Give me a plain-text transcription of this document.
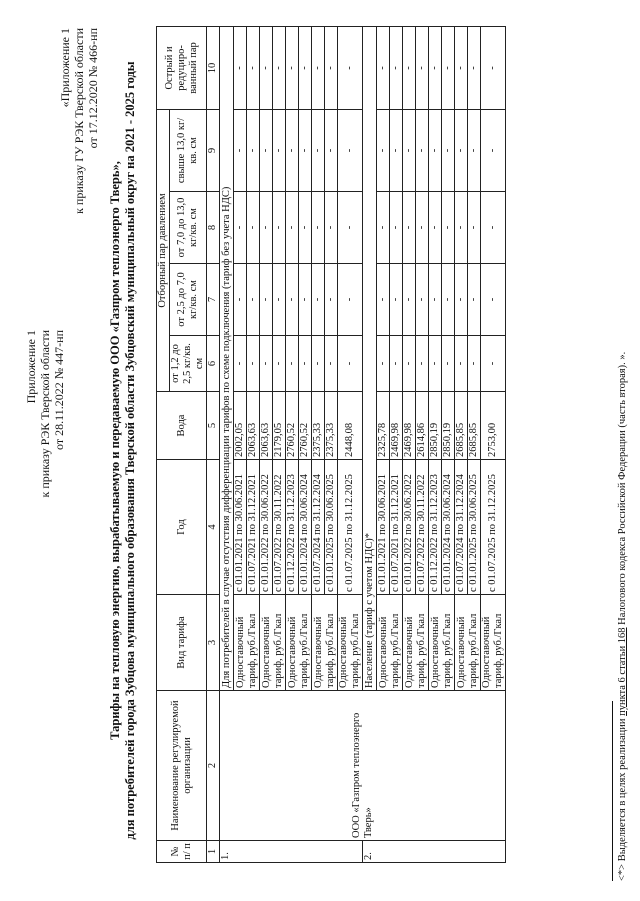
Приложение 1 к приказу РЭК Тверской области от 28.11.2022 № 447-нп
«Приложение 1 к приказу ГУ РЭК Тверской области от 17.12.2020 № 466-нп
Тарифы на тепловую энергию, вырабатываемую и передаваемую ООО «Газпром теплоэнерго Тверь», для потребителей города Зубцова муниципального образования Тверской области Зубцовский муниципальный округ на 2021 - 2025 годы
№ п/ п	Наименование регулируемой организации	Вид тарифа	Год	Вода	Отборный пар давлением				Острый и редуциро- ванный пар
					от 1,2 до 2,5 кг/кв. см	от 2,5 до 7,0 кг/кв. см	от 7,0 до 13,0 кг/кв. см	свыше 13,0 кг/кв. см	
1	2	3	4	5	6	7	8	9	10
1.	ООО «Газпром теплоэнерго Тверь»	Для потребителей в случае отсутствия дифференциации тарифов по схеме подключения (тариф без учета НДС)							
		Одноставочный тариф, руб./Гкал	с 01.01.2021 по 30.06.2021	2002,05	-	-	-	-	-
			с 01.07.2021 по 31.12.2021	2063,63	-	-	-	-	-
		Одноставочный тариф, руб./Гкал	с 01.01.2022 по 30.06.2022	2063,63	-	-	-	-	-
			с 01.07.2022 по 30.11.2022	2179,05	-	-	-	-	-
		Одноставочный тариф, руб./Гкал	с 01.12.2022 по 31.12.2023	2760,52	-	-	-	-	-
			с 01.01.2024 по 30.06.2024	2760,52	-	-	-	-	-
		Одноставочный тариф, руб./Гкал	с 01.07.2024 по 31.12.2024	2375,33	-	-	-	-	-
			с 01.01.2025 по 30.06.2025	2375,33	-	-	-	-	-
		Одноставочный тариф, руб./Гкал	с 01.07.2025 по 31.12.2025	2448,08	-	-	-	-	-
2.		Население (тариф с учетом НДС)*							
		Одноставочный тариф, руб./Гкал	с 01.01.2021 по 30.06.2021	2325,78	-	-	-	-	-
			с 01.07.2021 по 31.12.2021	2469,98	-	-	-	-	-
		Одноставочный тариф, руб./Гкал	с 01.01.2022 по 30.06.2022	2469,98	-	-	-	-	-
			с 01.07.2022 по 30.11.2022	2614,86	-	-	-	-	-
		Одноставочный тариф, руб./Гкал	с 01.12.2022 по 31.12.2023	2850,19	-	-	-	-	-
			с 01.01.2024 по 30.06.2024	2850,19	-	-	-	-	-
		Одноставочный тариф, руб./Гкал	с 01.07.2024 по 31.12.2024	2685,85	-	-	-	-	-
			с 01.01.2025 по 30.06.2025	2685,85	-	-	-	-	-
		Одноставочный тариф, руб./Гкал	с 01.07.2025 по 31.12.2025	2753,00	-	-	-	-	-
<*> Выделяется в целях реализации пункта 6 статьи 168 Налогового кодекса Российской Федерации (часть вторая). ».
